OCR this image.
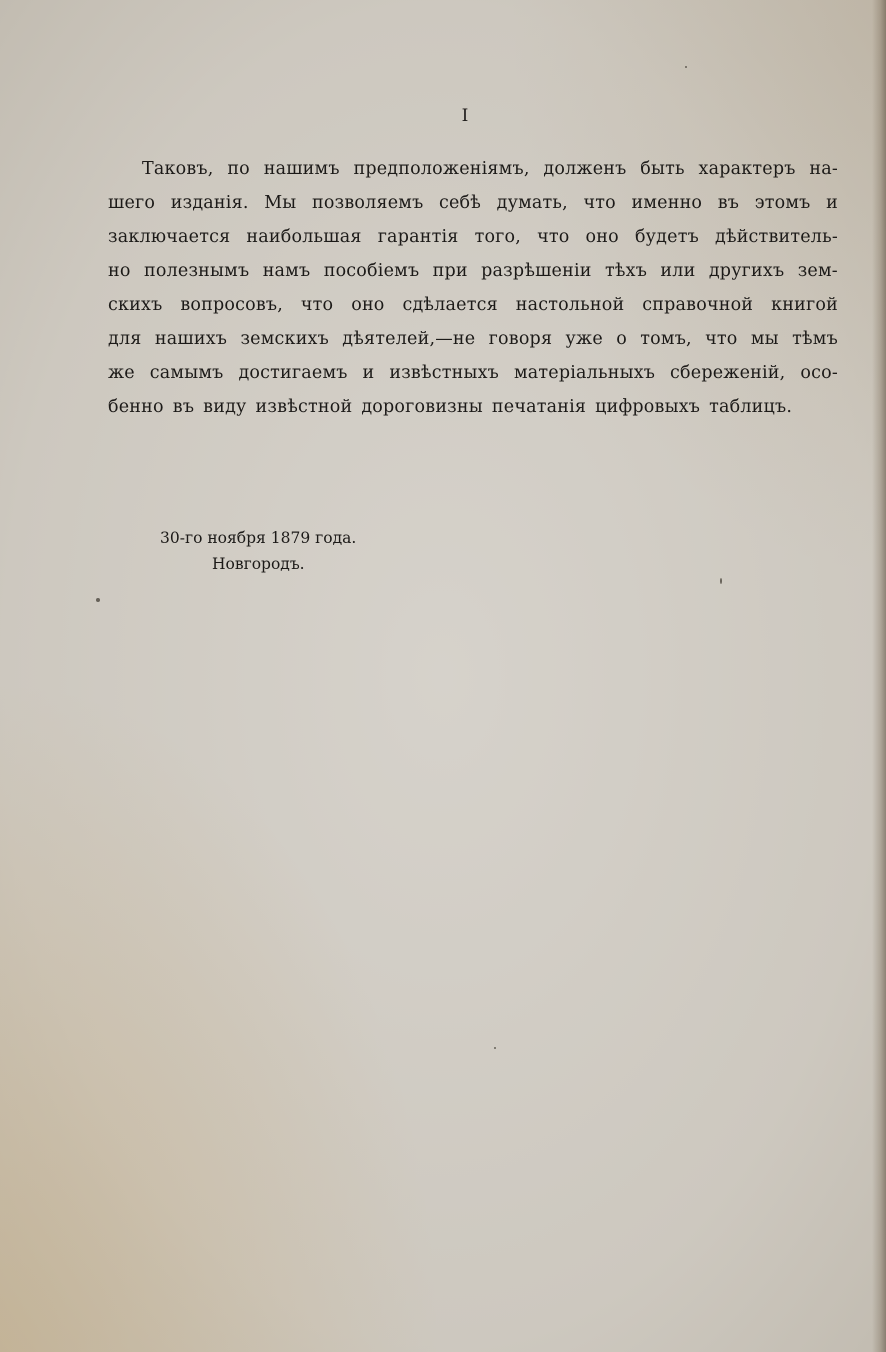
I
Таковъ, по нашимъ предположеніямъ, долженъ быть характеръ на-
шего изданія. Мы позволяемъ себѣ думать, что именно въ этомъ и
заключается наибольшая гарантія того, что оно будетъ дѣйствитель-
но полезнымъ намъ пособіемъ при разрѣшеніи тѣхъ или другихъ зем-
скихъ вопросовъ, что оно сдѣлается настольной справочной книгой
для нашихъ земскихъ дѣятелей,—не говоря уже о томъ, что мы тѣмъ
же самымъ достигаемъ и извѣстныхъ матеріальныхъ сбереженій, осо-
бенно въ виду извѣстной дороговизны печатанія цифровыхъ таблицъ.
30-го ноября 1879 года.
Новгородъ.
